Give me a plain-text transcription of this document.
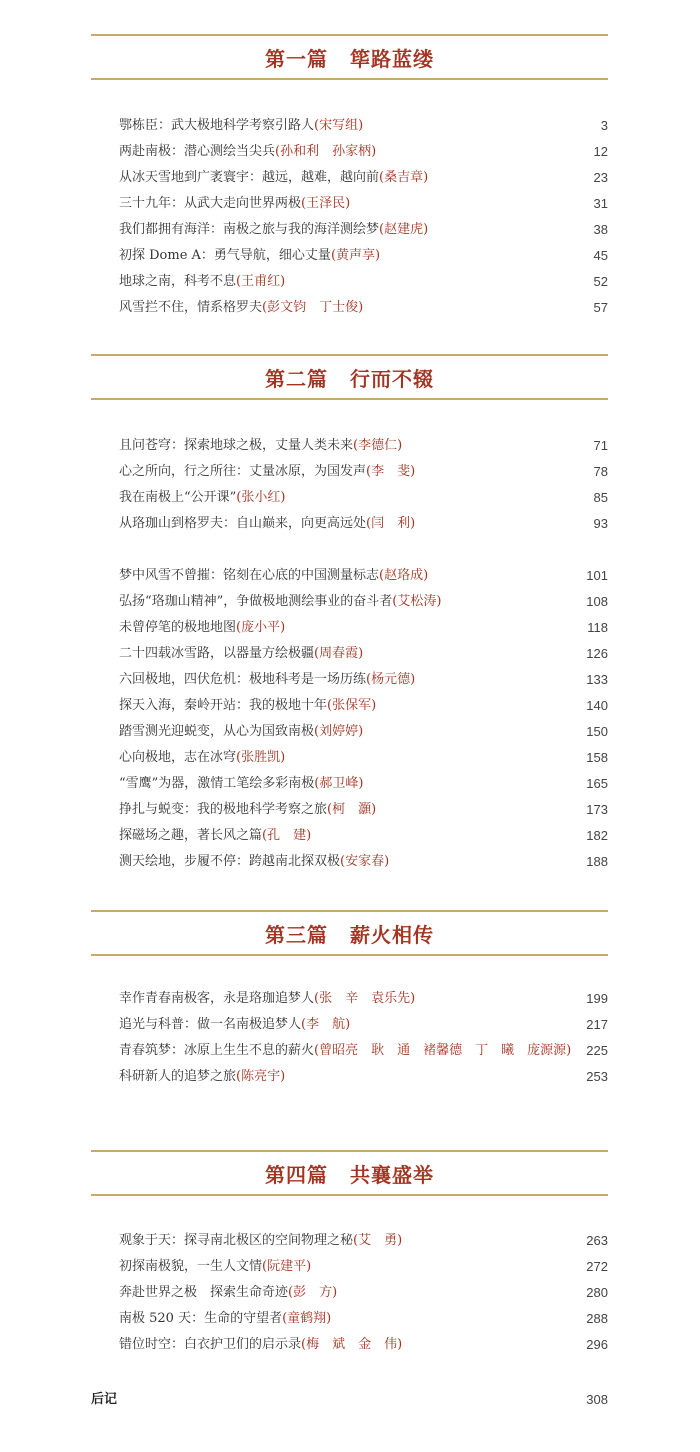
第一篇 筚路蓝缕
鄂栋臣：武大极地科学考察引路人(宋写组)	3
两赴南极：潜心测绘当尖兵(孙和利　孙家柄)	12
从冰天雪地到广袤寰宇：越远，越难，越向前(桑吉章)	23
三十九年：从武大走向世界两极(王泽民)	31
我们都拥有海洋：南极之旅与我的海洋测绘梦(赵建虎)	38
初探 Dome A：勇气导航，细心丈量(黄声享)	45
地球之南，科考不息(王甫红)	52
风雪拦不住，情系格罗夫(彭文钧　丁士俊)	57
第二篇 行而不辍
且问苍穹：探索地球之极，丈量人类未来(李德仁)	71
心之所向，行之所往：丈量冰原，为国发声(李　斐)	78
我在南极上“公开课”(张小红)	85
从珞珈山到格罗夫：自山巅来，向更高远处(闫　利)	93
梦中风雪不曾摧：铭刻在心底的中国测量标志(赵珞成)	101
弘扬“珞珈山精神”，争做极地测绘事业的奋斗者(艾松涛)	108
未曾停笔的极地地图(庞小平)	118
二十四载冰雪路，以器量方绘极疆(周春霞)	126
六回极地，四伏危机：极地科考是一场历练(杨元德)	133
探天入海，秦岭开站：我的极地十年(张保军)	140
踏雪测光迎蜕变，从心为国致南极(刘婷婷)	150
心向极地，志在冰穹(张胜凯)	158
“雪鹰”为器，激情工笔绘多彩南极(郝卫峰)	165
挣扎与蜕变：我的极地科学考察之旅(柯　灝)	173
探磁场之趣，著长风之篇(孔　建)	182
测天绘地，步履不停：跨越南北探双极(安家春)	188
第三篇 薪火相传
幸作青春南极客，永是珞珈追梦人(张　辛　袁乐先)	199
追光与科普：做一名南极追梦人(李　航)	217
青春筑梦：冰原上生生不息的薪火(曾昭亮　耿　通　褚馨德　丁　曦　庞源源) 225
科研新人的追梦之旅(陈亮宇)	253
第四篇 共襄盛举
观象于天：探寻南北极区的空间物理之秘(艾　勇)	263
初探南极貌，一生人文情(阮建平)	272
奔赴世界之极　探索生命奇迹(彭　方)	280
南极 520 天：生命的守望者(童鹤翔)	288
错位时空：白衣护卫们的启示录(梅　斌　金　伟)	296
后记	308
